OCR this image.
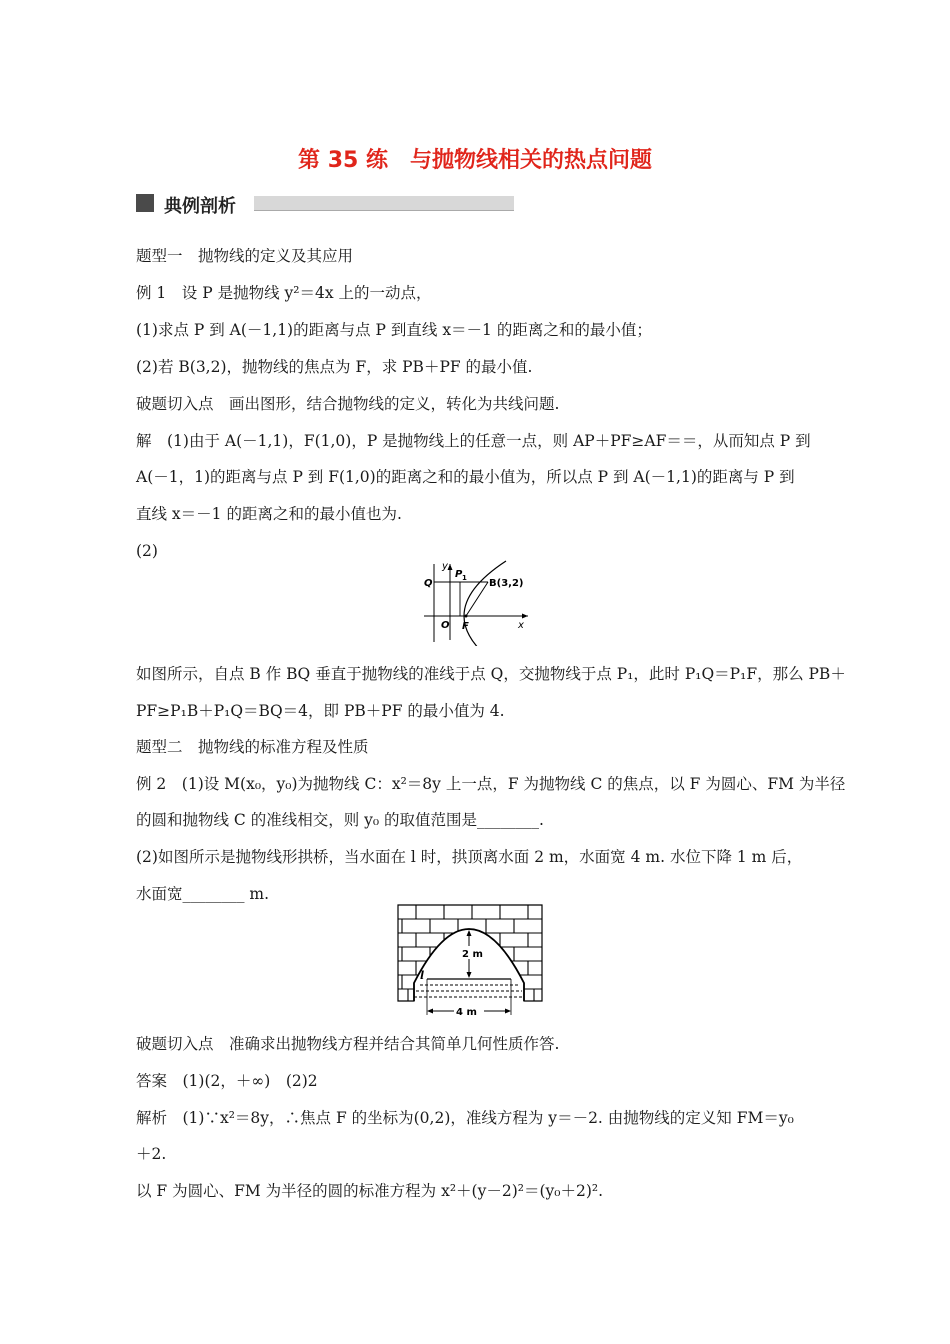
第 35 练　与抛物线相关的热点问题
典例剖析
题型一　抛物线的定义及其应用
例 1　设 P 是抛物线 y²＝4x 上的一动点，
(1)求点 P 到 A(－1,1)的距离与点 P 到直线 x＝－1 的距离之和的最小值；
(2)若 B(3,2)，抛物线的焦点为 F，求 PB＋PF 的最小值.
破题切入点　画出图形，结合抛物线的定义，转化为共线问题.
解　(1)由于 A(－1,1)，F(1,0)，P 是抛物线上的任意一点，则 AP＋PF≥AF＝＝，从而知点 P 到
A(－1，1)的距离与点 P 到 F(1,0)的距离之和的最小值为，所以点 P 到 A(－1,1)的距离与 P 到
直线 x＝－1 的距离之和的最小值也为.
(2)
Q
P 1 B(3,2)
O F	x
y
如图所示，自点 B 作 BQ 垂直于抛物线的准线于点 Q，交抛物线于点 P₁，此时 P₁Q＝P₁F，那么 PB＋
PF≥P₁B＋P₁Q＝BQ＝4，即 PB＋PF 的最小值为 4.
题型二　抛物线的标准方程及性质
例 2　(1)设 M(x₀，y₀)为抛物线 C：x²＝8y 上一点，F 为抛物线 C 的焦点，以 F 为圆心、FM 为半径
的圆和抛物线 C 的准线相交，则 y₀ 的取值范围是________.
(2)如图所示是抛物线形拱桥，当水面在 l 时，拱顶离水面 2 m，水面宽 4 m. 水位下降 1 m 后，
水面宽________ m.
2 m
l
4 m
破题切入点　准确求出抛物线方程并结合其简单几何性质作答.
答案　(1)(2，＋∞)　(2)2
解析　(1)∵x²＝8y，∴焦点 F 的坐标为(0,2)，准线方程为 y＝－2. 由抛物线的定义知 FM＝y₀
＋2.
以 F 为圆心、FM 为半径的圆的标准方程为 x²＋(y－2)²＝(y₀＋2)².
